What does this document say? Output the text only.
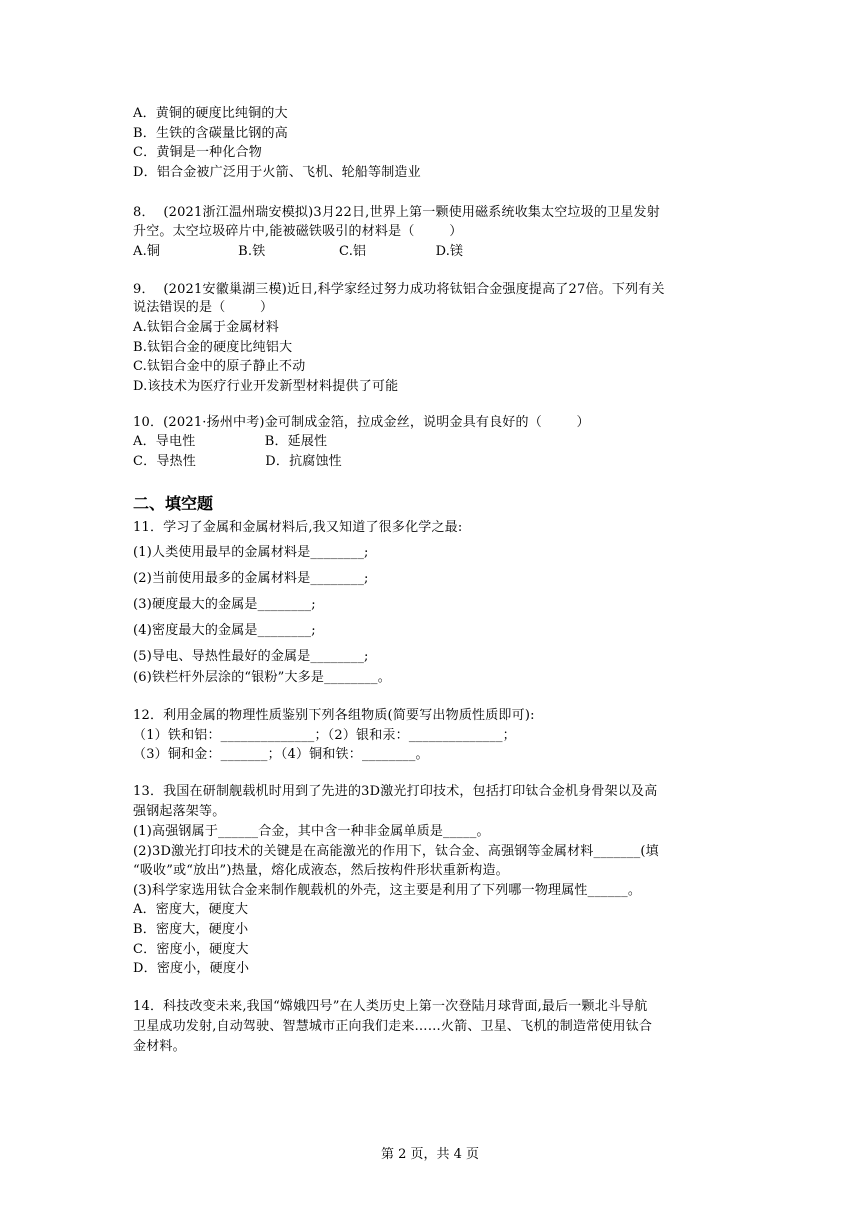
A．黄铜的硬度比纯铜的大
B．生铁的含碳量比钢的高
C．黄铜是一种化合物
D．铝合金被广泛用于火箭、飞机、轮船等制造业
8．  (2021浙江温州瑞安模拟)3月22日,世界上第一颗使用磁系统收集太空垃圾的卫星发射
升空。太空垃圾碎片中,能被磁铁吸引的材料是（        ）
A.铜                  B.铁                 C.铝                D.镁
9．  (2021安徽巢湖三模)近日,科学家经过努力成功将钛铝合金强度提高了27倍。下列有关
说法错误的是（        ）
A.钛铝合金属于金属材料
B.钛铝合金的硬度比纯铝大
C.钛铝合金中的原子静止不动
D.该技术为医疗行业开发新型材料提供了可能
10．(2021·扬州中考)金可制成金箔，拉成金丝，说明金具有良好的（        ）
A．导电性                B．延展性
C．导热性                D．抗腐蚀性
二、填空题
11．学习了金属和金属材料后,我又知道了很多化学之最:
(1)人类使用最早的金属材料是________;
(2)当前使用最多的金属材料是________;
(3)硬度最大的金属是________;
(4)密度最大的金属是________;
(5)导电、导热性最好的金属是________;
(6)铁栏杆外层涂的“银粉”大多是________。
12．利用金属的物理性质鉴别下列各组物质(简要写出物质性质即可):
（1）铁和铝：______________；（2）银和汞：______________；
（3）铜和金：_______；（4）铜和铁：________。
13．我国在研制舰载机时用到了先进的3D激光打印技术，包括打印钛合金机身骨架以及高
强钢起落架等。
(1)高强钢属于______合金，其中含一种非金属单质是_____。
(2)3D激光打印技术的关键是在高能激光的作用下，钛合金、高强钢等金属材料_______(填
“吸收”或“放出”)热量，熔化成液态，然后按构件形状重新构造。
(3)科学家选用钛合金来制作舰载机的外壳，这主要是利用了下列哪一物理属性______。
A．密度大，硬度大
B．密度大，硬度小
C．密度小，硬度大
D．密度小，硬度小
14．科技改变未来,我国“嫦娥四号”在人类历史上第一次登陆月球背面,最后一颗北斗导航
卫星成功发射,自动驾驶、智慧城市正向我们走来……火箭、卫星、飞机的制造常使用钛合
金材料。
第 2 页，共 4 页
